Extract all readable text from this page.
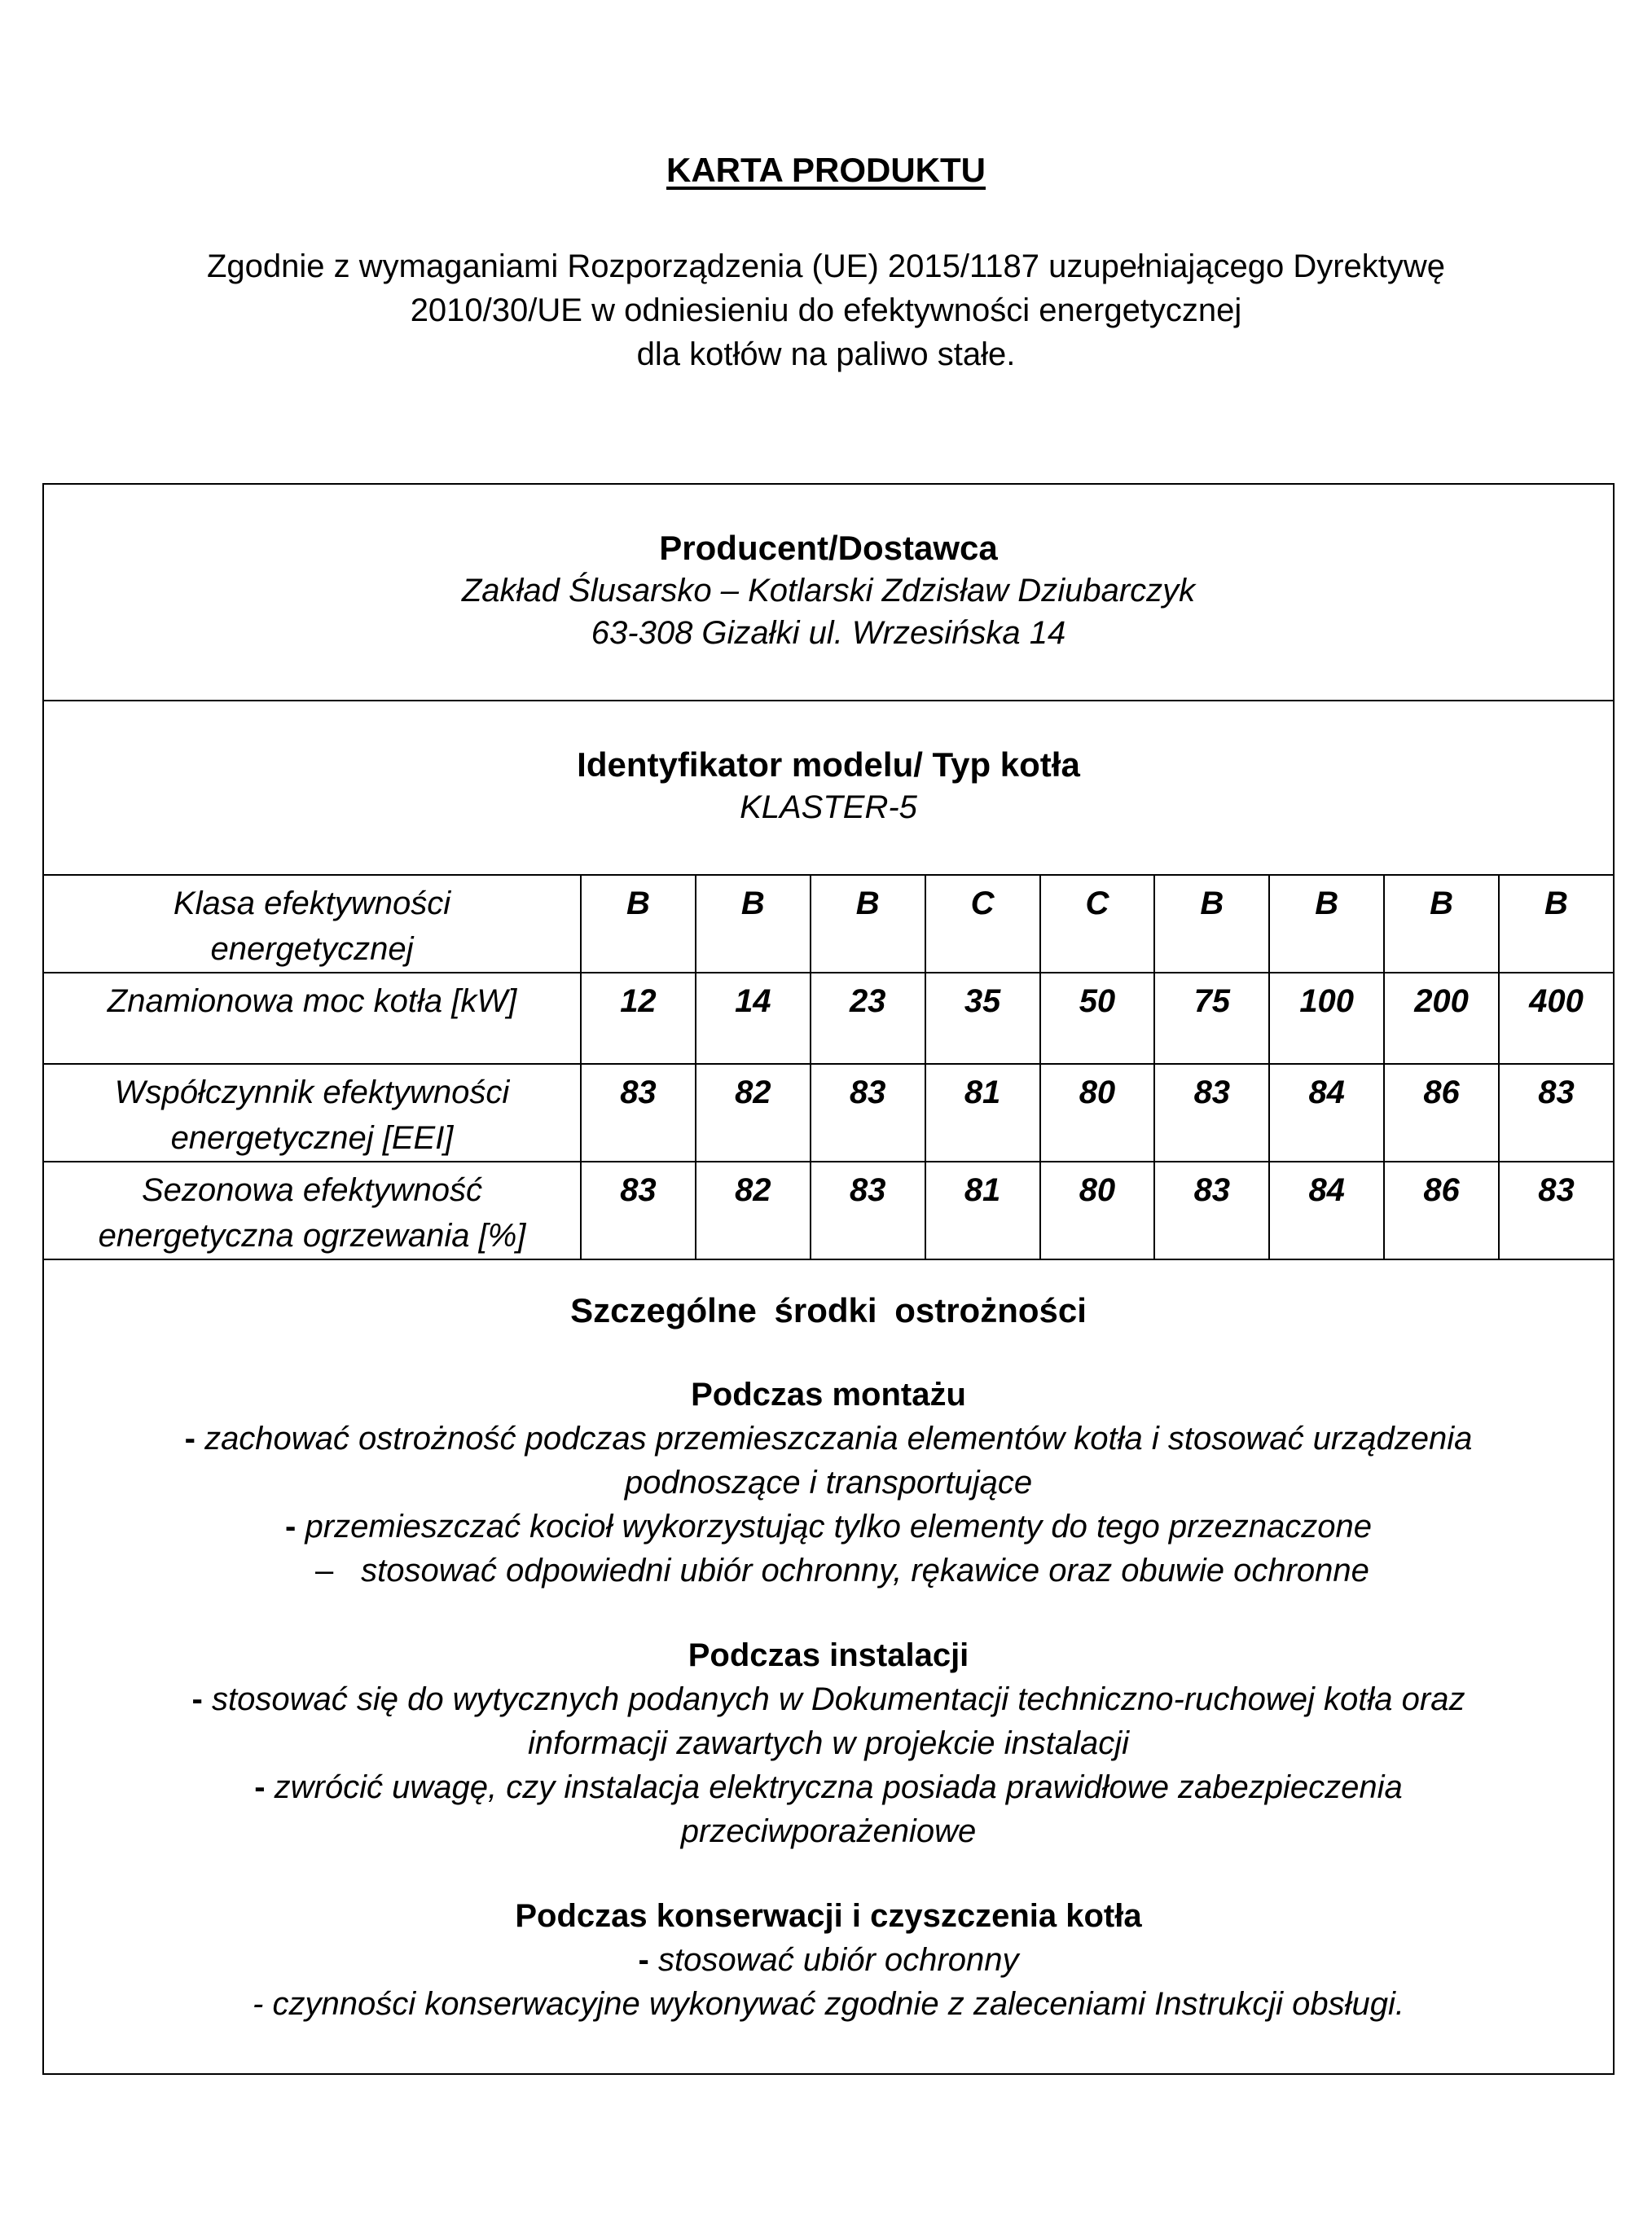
KARTA PRODUKTU
Zgodnie z wymaganiami Rozporządzenia (UE) 2015/1187 uzupełniającego Dyrektywę
2010/30/UE w odniesieniu do efektywności energetycznej
dla kotłów na paliwo stałe.
Producent/Dostawca
Zakład Ślusarsko – Kotlarski Zdzisław Dziubarczyk
63-308 Gizałki ul. Wrzesińska 14
Identyfikator modelu/ Typ kotła
KLASTER-5
Klasa efektywności
energetycznej	B	B	B	C	C	B	B	B	B

Znamionowa moc kotła [kW]	12	14	23	35	50	75	100	200	400

Współczynnik efektywności
energetycznej [EEI]	83	82	83	81	80	83	84	86	83

Sezonowa efektywność
energetyczna ogrzewania [%]	83	82	83	81	80	83	84	86	83
Szczególne środki ostrożności
Podczas montażu
- zachować ostrożność podczas przemieszczania elementów kotła i stosować urządzenia
podnoszące i transportujące
- przemieszczać kocioł wykorzystując tylko elementy do tego przeznaczone
– stosować odpowiedni ubiór ochronny, rękawice oraz obuwie ochronne
Podczas instalacji
- stosować się do wytycznych podanych w Dokumentacji techniczno-ruchowej kotła oraz
informacji zawartych w projekcie instalacji
- zwrócić uwagę, czy instalacja elektryczna posiada prawidłowe zabezpieczenia
przeciwporażeniowe
Podczas konserwacji i czyszczenia kotła
- stosować ubiór ochronny
- czynności konserwacyjne wykonywać zgodnie z zaleceniami Instrukcji obsługi.
